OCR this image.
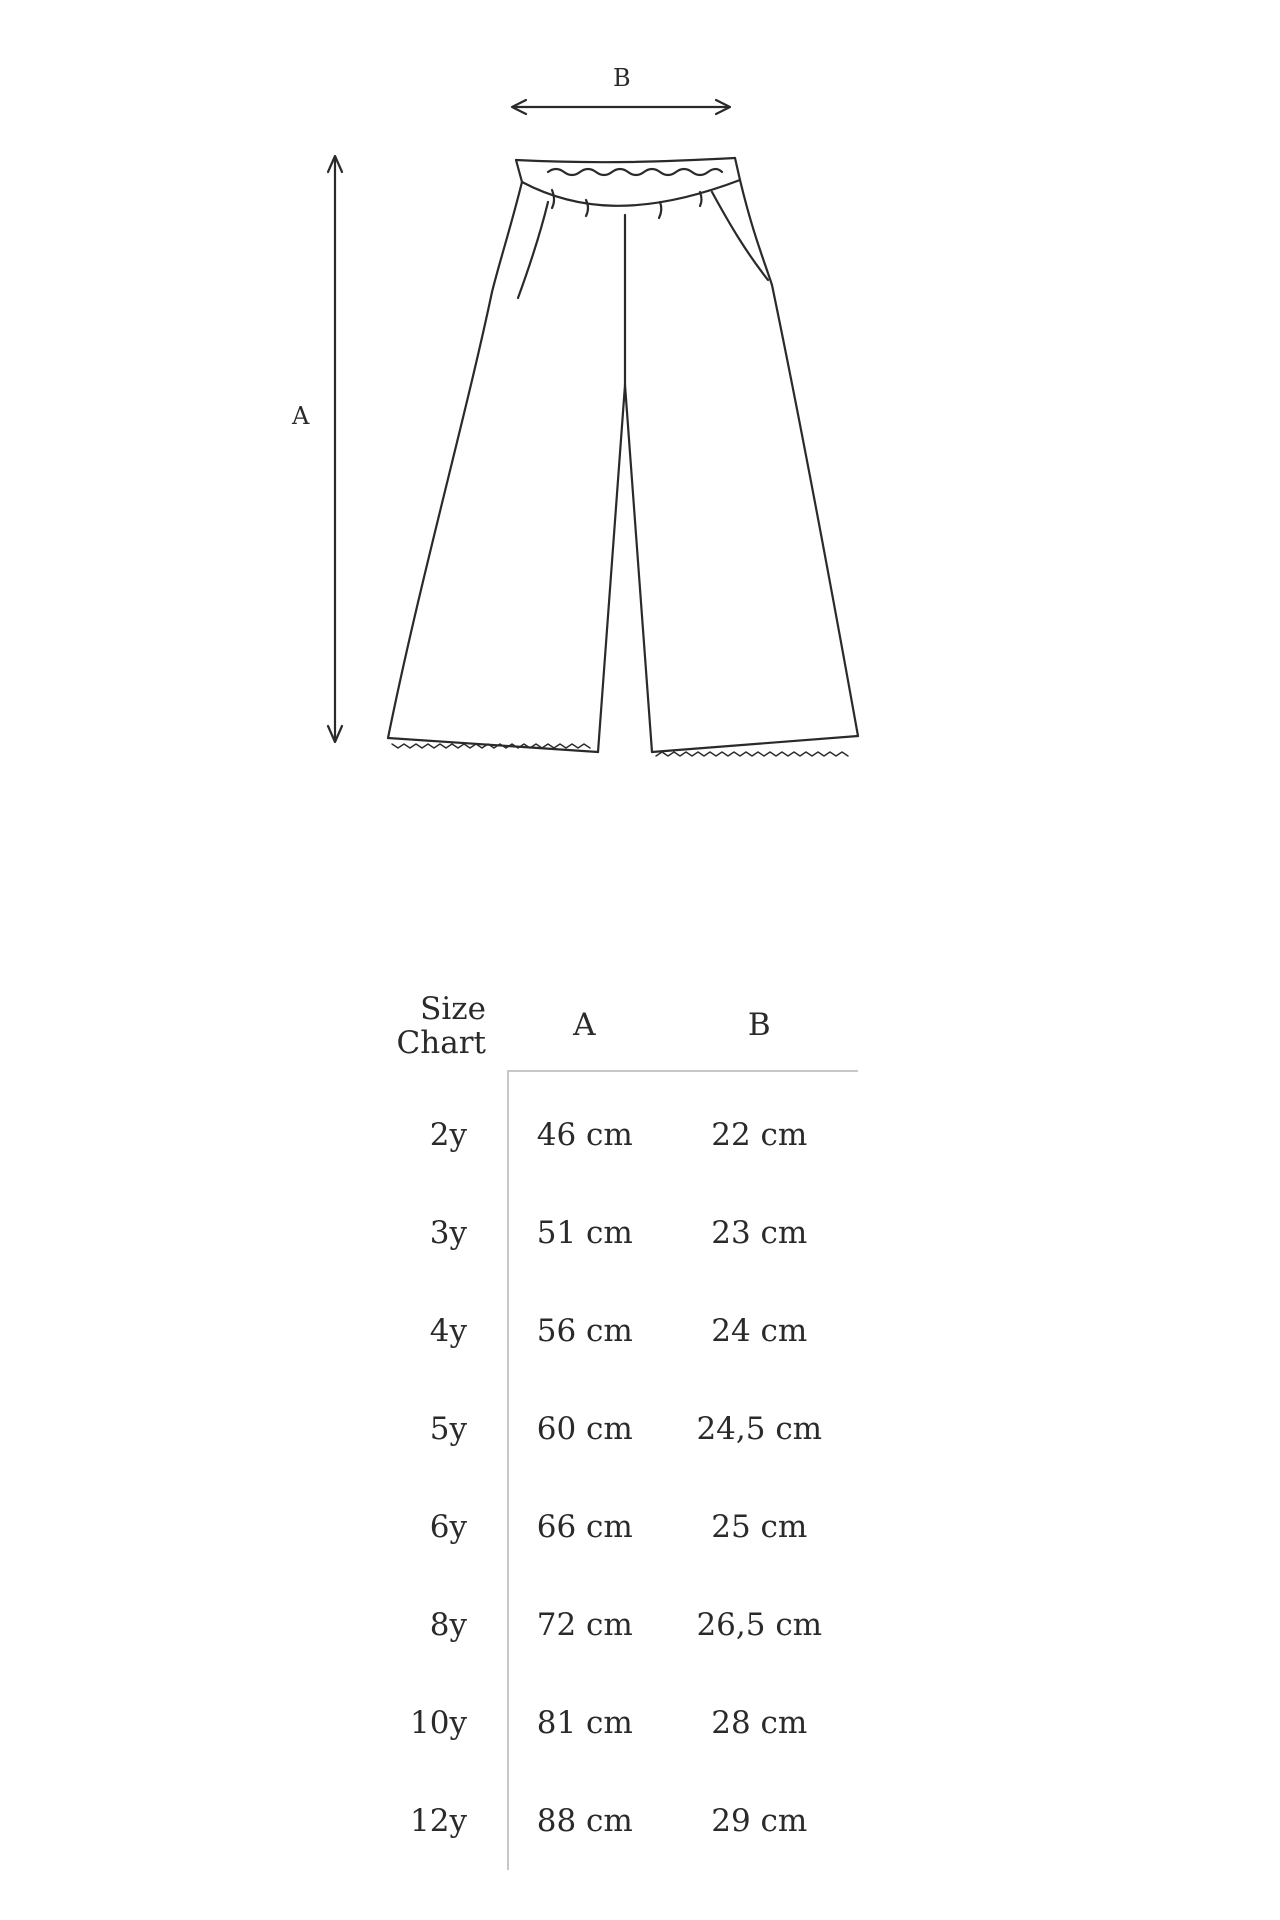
B
A
Size
Chart	A	B
2y	46 cm	22 cm
3y	51 cm	23 cm
4y	56 cm	24 cm
5y	60 cm	24,5 cm
6y	66 cm	25 cm
8y	72 cm	26,5 cm
10y	81 cm	28 cm
12y	88 cm	29 cm
